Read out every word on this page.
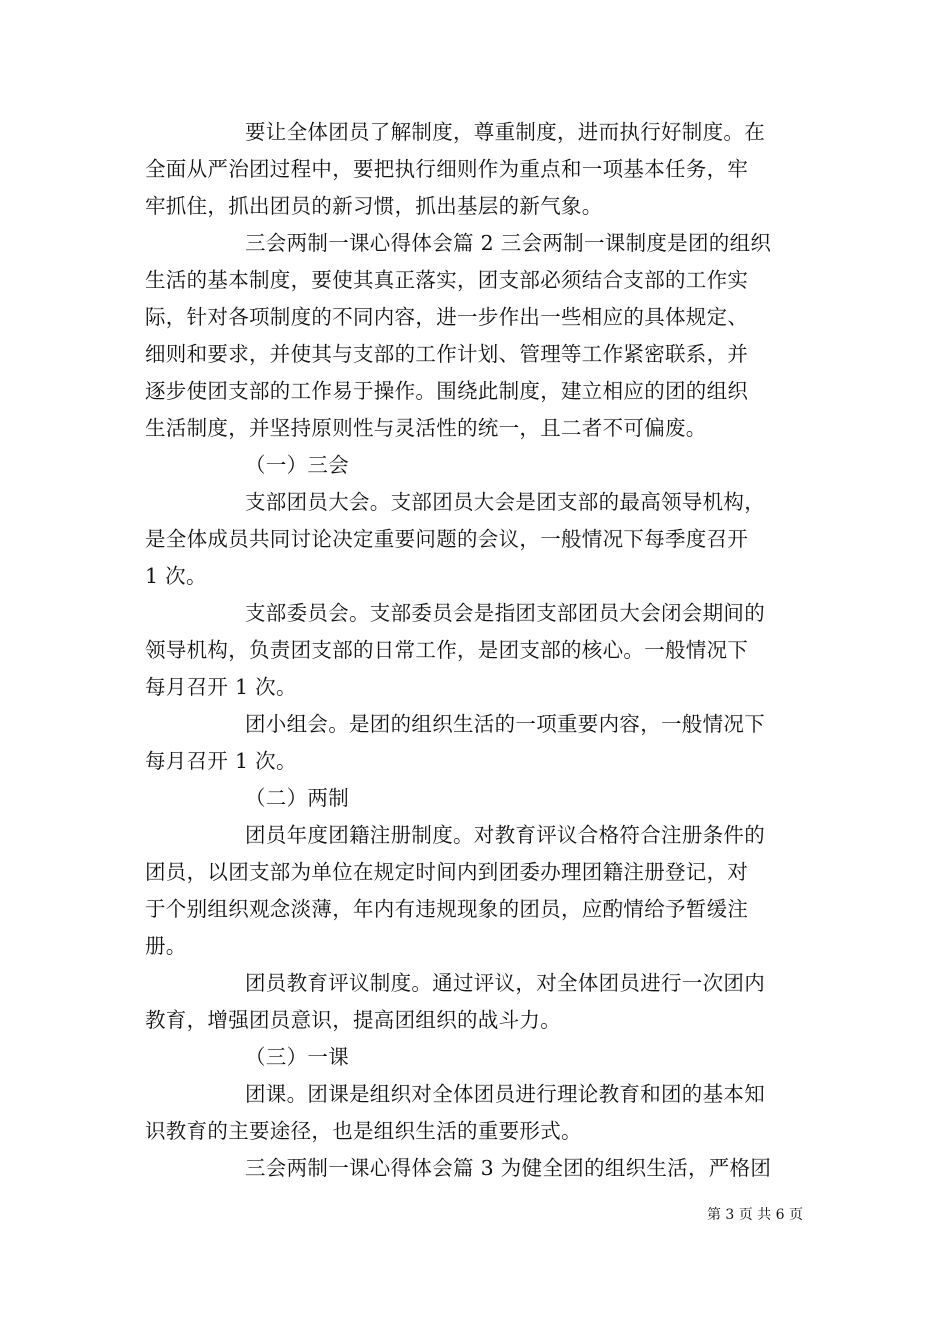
要让全体团员了解制度，尊重制度，进而执行好制度。在
全面从严治团过程中，要把执行细则作为重点和一项基本任务，牢
牢抓住，抓出团员的新习惯，抓出基层的新气象。
三会两制一课心得体会篇 2 三会两制一课制度是团的组织
生活的基本制度，要使其真正落实，团支部必须结合支部的工作实
际，针对各项制度的不同内容，进一步作出一些相应的具体规定、
细则和要求，并使其与支部的工作计划、管理等工作紧密联系，并
逐步使团支部的工作易于操作。围绕此制度，建立相应的团的组织
生活制度，并坚持原则性与灵活性的统一，且二者不可偏废。
（一）三会
支部团员大会。支部团员大会是团支部的最高领导机构，
是全体成员共同讨论决定重要问题的会议，一般情况下每季度召开
1 次。
支部委员会。支部委员会是指团支部团员大会闭会期间的
领导机构，负责团支部的日常工作，是团支部的核心。一般情况下
每月召开 1 次。
团小组会。是团的组织生活的一项重要内容，一般情况下
每月召开 1 次。
（二）两制
团员年度团籍注册制度。对教育评议合格符合注册条件的
团员，以团支部为单位在规定时间内到团委办理团籍注册登记，对
于个别组织观念淡薄，年内有违规现象的团员，应酌情给予暂缓注
册。
团员教育评议制度。通过评议，对全体团员进行一次团内
教育，增强团员意识，提高团组织的战斗力。
（三）一课
团课。团课是组织对全体团员进行理论教育和团的基本知
识教育的主要途径，也是组织生活的重要形式。
三会两制一课心得体会篇 3 为健全团的组织生活，严格团
第 3 页 共 6 页
